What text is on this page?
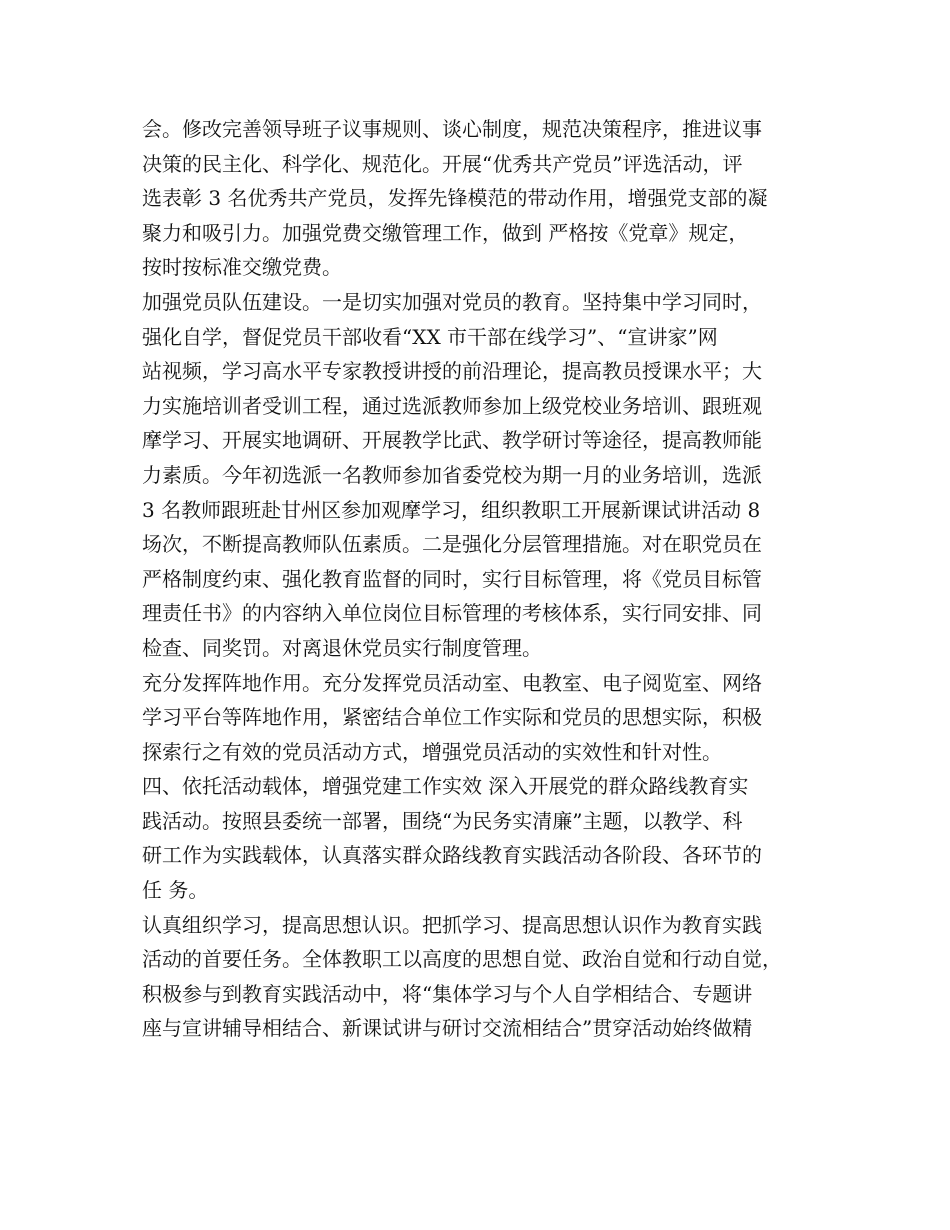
会。修改完善领导班子议事规则、谈心制度，规范决策程序，推进议事
决策的民主化、科学化、规范化。开展“优秀共产党员”评选活动，评
选表彰 3 名优秀共产党员，发挥先锋模范的带动作用，增强党支部的凝
聚力和吸引力。加强党费交缴管理工作，做到 严格按《党章》规定，
按时按标准交缴党费。
加强党员队伍建设。一是切实加强对党员的教育。坚持集中学习同时，
强化自学，督促党员干部收看“XX 市干部在线学习”、“宣讲家”网
站视频，学习高水平专家教授讲授的前沿理论，提高教员授课水平；大
力实施培训者受训工程，通过选派教师参加上级党校业务培训、跟班观
摩学习、开展实地调研、开展教学比武、教学研讨等途径，提高教师能
力素质。今年初选派一名教师参加省委党校为期一月的业务培训，选派
3 名教师跟班赴甘州区参加观摩学习，组织教职工开展新课试讲活动 8
场次，不断提高教师队伍素质。二是强化分层管理措施。对在职党员在
严格制度约束、强化教育监督的同时，实行目标管理，将《党员目标管
理责任书》的内容纳入单位岗位目标管理的考核体系，实行同安排、同
检查、同奖罚。对离退休党员实行制度管理。
充分发挥阵地作用。充分发挥党员活动室、电教室、电子阅览室、网络
学习平台等阵地作用，紧密结合单位工作实际和党员的思想实际，积极
探索行之有效的党员活动方式，增强党员活动的实效性和针对性。
四、依托活动载体，增强党建工作实效 深入开展党的群众路线教育实
践活动。按照县委统一部署，围绕“为民务实清廉”主题，以教学、科
研工作为实践载体，认真落实群众路线教育实践活动各阶段、各环节的
任 务。
认真组织学习，提高思想认识。把抓学习、提高思想认识作为教育实践
活动的首要任务。全体教职工以高度的思想自觉、政治自觉和行动自觉，
积极参与到教育实践活动中，将“集体学习与个人自学相结合、专题讲
座与宣讲辅导相结合、新课试讲与研讨交流相结合”贯穿活动始终做精
